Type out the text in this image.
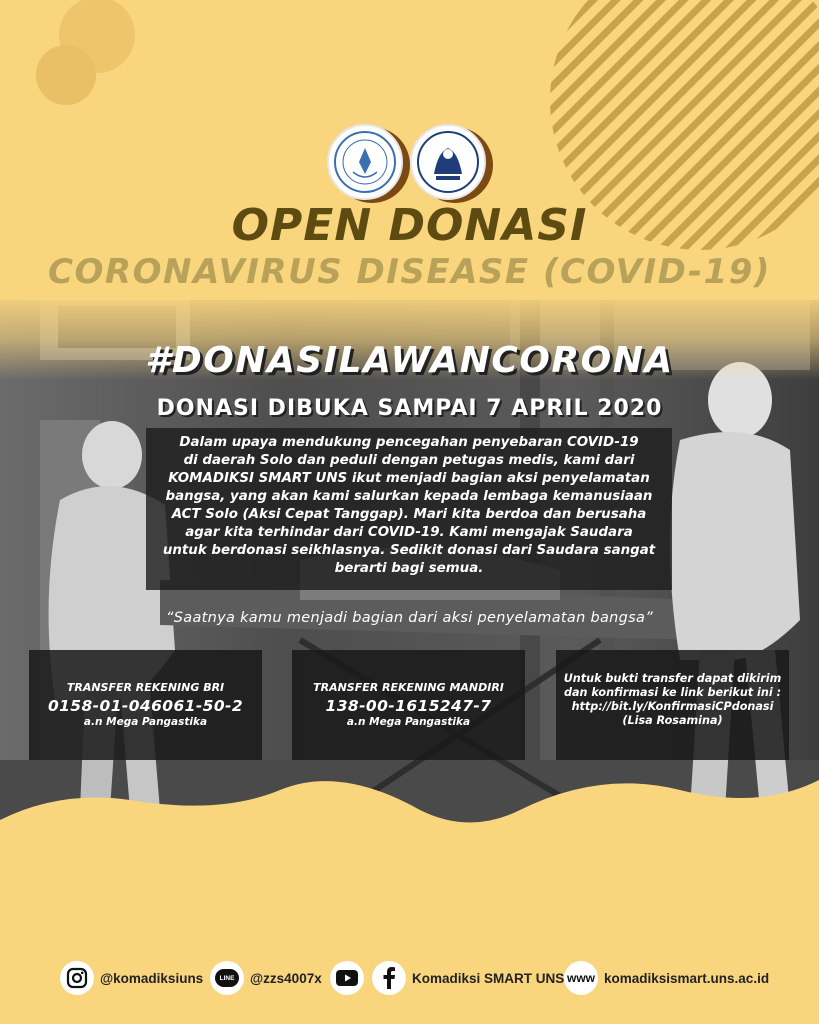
OPEN DONASI
CORONAVIRUS DISEASE (COVID-19)
#DONASILAWANCORONA
DONASI DIBUKA SAMPAI 7 APRIL 2020
Dalam upaya mendukung pencegahan penyebaran COVID-19
di daerah Solo dan peduli dengan petugas medis, kami dari
KOMADIKSI SMART UNS ikut menjadi bagian aksi penyelamatan
bangsa, yang akan kami salurkan kepada lembaga kemanusiaan
ACT Solo (Aksi Cepat Tanggap). Mari kita berdoa dan berusaha
agar kita terhindar dari COVID-19. Kami mengajak Saudara
untuk berdonasi seikhlasnya. Sedikit donasi dari Saudara sangat
berarti bagi semua.
“Saatnya kamu menjadi bagian dari aksi penyelamatan bangsa”
TRANSFER REKENING BRI
0158-01-046061-50-2
a.n Mega Pangastika
TRANSFER REKENING MANDIRI
138-00-1615247-7
a.n Mega Pangastika
Untuk bukti transfer dapat dikirim
dan konfirmasi ke link berikut ini :
http://bit.ly/KonfirmasiCPdonasi
(Lisa Rosamina)
@komadiksiuns	LINE	@zzs4007x	Komadiksi SMART UNS www komadiksismart.uns.ac.id
